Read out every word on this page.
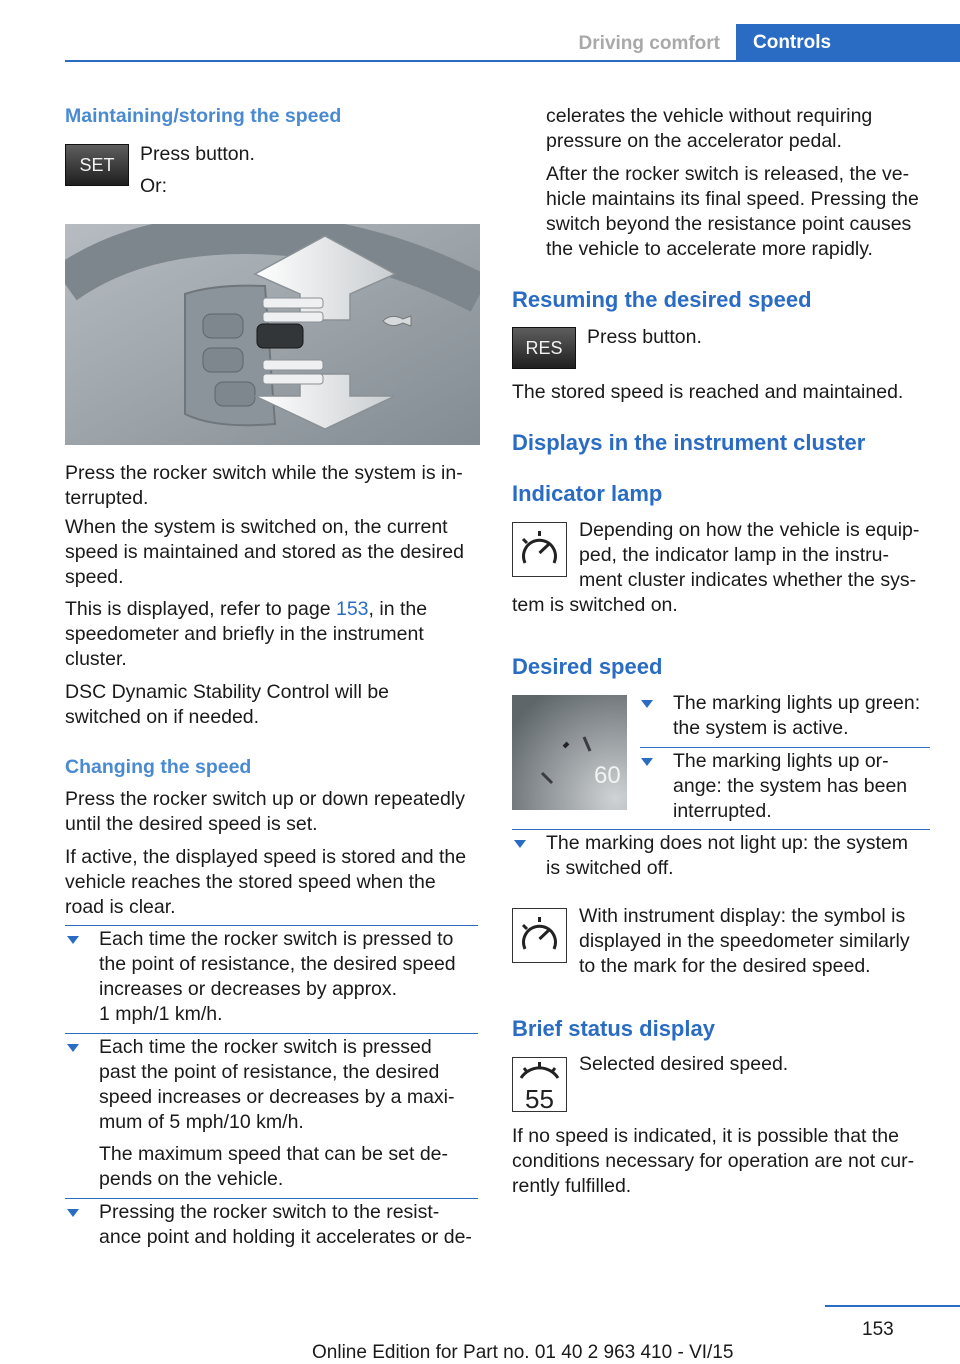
Driving comfort	Controls
Maintaining/storing the speed
SET	Press button.
Or:
Press the rocker switch while the system is in-
terrupted.
When the system is switched on, the current
speed is maintained and stored as the desired
speed.
This is displayed, refer to page 153, in the
speedometer and briefly in the instrument
cluster.
DSC Dynamic Stability Control will be
switched on if needed.
Changing the speed
Press the rocker switch up or down repeatedly
until the desired speed is set.
If active, the displayed speed is stored and the
vehicle reaches the stored speed when the
road is clear.
Each time the rocker switch is pressed to
the point of resistance, the desired speed
increases or decreases by approx.
1 mph/1 km/h.
Each time the rocker switch is pressed
past the point of resistance, the desired
speed increases or decreases by a maxi-
mum of 5 mph/10 km/h.
The maximum speed that can be set de-
pends on the vehicle.
Pressing the rocker switch to the resist-
ance point and holding it accelerates or de-
celerates the vehicle without requiring
pressure on the accelerator pedal.
After the rocker switch is released, the ve-
hicle maintains its final speed. Pressing the
switch beyond the resistance point causes
the vehicle to accelerate more rapidly.
Resuming the desired speed
RES	Press button.
The stored speed is reached and maintained.
Displays in the instrument cluster
Indicator lamp
Depending on how the vehicle is equip-
ped, the indicator lamp in the instru-
ment cluster indicates whether the sys-
tem is switched on.
Desired speed
60
The marking lights up green:
the system is active.
The marking lights up or-
ange: the system has been
interrupted.
The marking does not light up: the system
is switched off.
With instrument display: the symbol is
displayed in the speedometer similarly
to the mark for the desired speed.
Brief status display
55
Selected desired speed.
If no speed is indicated, it is possible that the
conditions necessary for operation are not cur-
rently fulfilled.
153
Online Edition for Part no. 01 40 2 963 410 - VI/15
